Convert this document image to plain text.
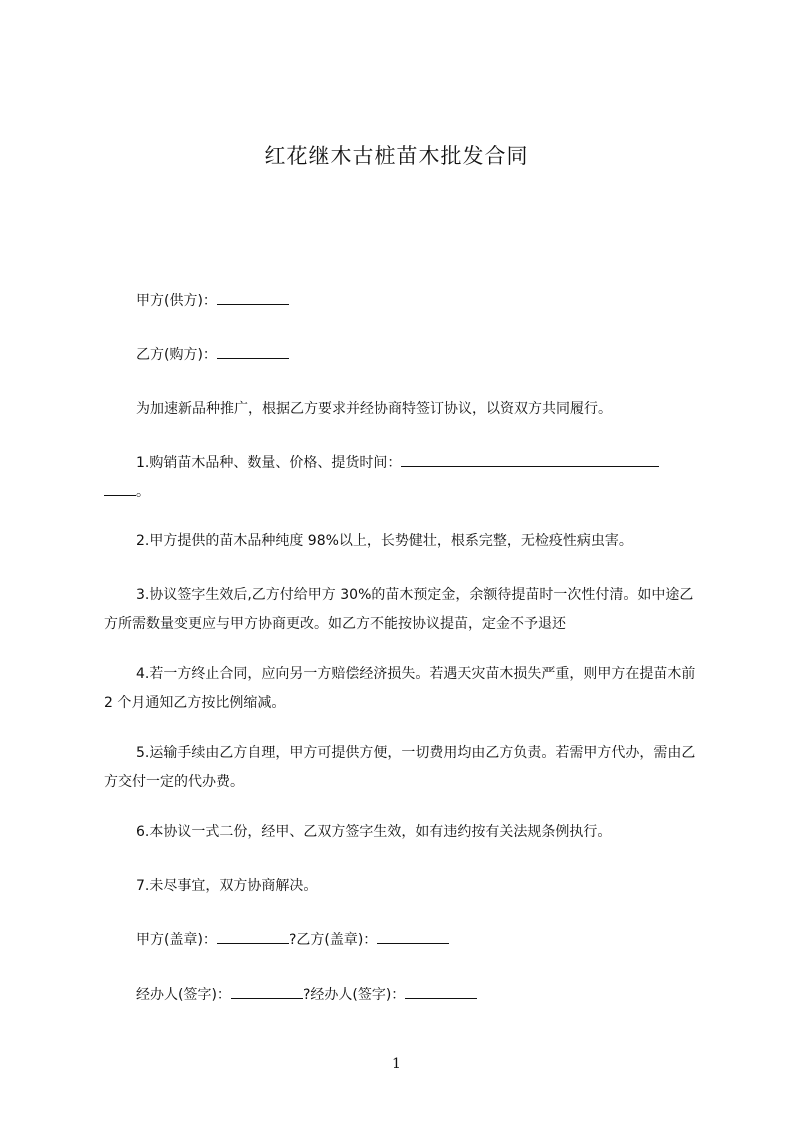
红花继木古桩苗木批发合同
甲方(供方)：
乙方(购方)：
为加速新品种推广，根据乙方要求并经协商特签订协议，以资双方共同履行。
1.购销苗木品种、数量、价格、提货时间：
。
2.甲方提供的苗木品种纯度 98%以上，长势健壮，根系完整，无检疫性病虫害。
3.协议签字生效后,乙方付给甲方 30%的苗木预定金，余额待提苗时一次性付清。如中途乙方所需数量变更应与甲方协商更改。如乙方不能按协议提苗，定金不予退还
4.若一方终止合同，应向另一方赔偿经济损失。若遇天灾苗木损失严重，则甲方在提苗木前 2 个月通知乙方按比例缩减。
5.运输手续由乙方自理，甲方可提供方便，一切费用均由乙方负责。若需甲方代办，需由乙方交付一定的代办费。
6.本协议一式二份，经甲、乙双方签字生效，如有违约按有关法规条例执行。
7.未尽事宜，双方协商解决。
甲方(盖章)：	?乙方(盖章)：
经办人(签字)：	?经办人(签字)：
1
